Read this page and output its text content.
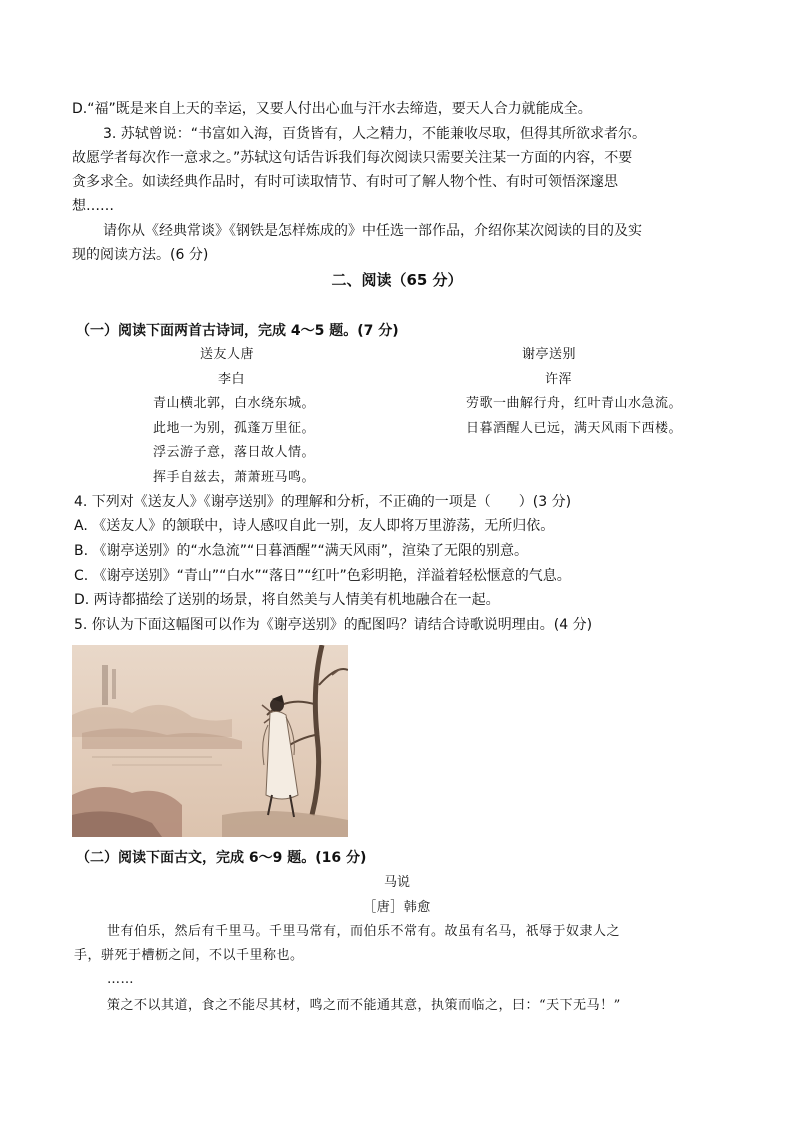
D.“福”既是来自上天的幸运，又要人付出心血与汗水去缔造，要天人合力就能成全。
3. 苏轼曾说：“书富如入海，百货皆有，人之精力，不能兼收尽取，但得其所欲求者尔。
故愿学者每次作一意求之。”苏轼这句话告诉我们每次阅读只需要关注某一方面的内容，不要
贪多求全。如读经典作品时，有时可读取情节、有时可了解人物个性、有时可领悟深邃思
想……
请你从《经典常谈》《钢铁是怎样炼成的》中任选一部作品，介绍你某次阅读的目的及实
现的阅读方法。(6 分)
二、阅读（65 分）
（一）阅读下面两首古诗词，完成 4～5 题。(7 分)
送友人唐
李白
青山横北郭，白水绕东城。
此地一为别，孤蓬万里征。
浮云游子意，落日故人情。
挥手自兹去，萧萧班马鸣。
谢亭送别
许浑
劳歌一曲解行舟，红叶青山水急流。
日暮酒醒人已远，满天风雨下西楼。
4. 下列对《送友人》《谢亭送别》的理解和分析，不正确的一项是（　　）(3 分)
A. 《送友人》的颔联中，诗人感叹自此一别，友人即将万里游荡，无所归依。
B. 《谢亭送别》的“水急流”“日暮酒醒”“满天风雨”，渲染了无限的别意。
C. 《谢亭送别》“青山”“白水”“落日”“红叶”色彩明艳，洋溢着轻松惬意的气息。
D. 两诗都描绘了送别的场景，将自然美与人情美有机地融合在一起。
5. 你认为下面这幅图可以作为《谢亭送别》的配图吗？请结合诗歌说明理由。(4 分)
（二）阅读下面古文，完成 6～9 题。(16 分)
马说
［唐］韩愈
世有伯乐，然后有千里马。千里马常有，而伯乐不常有。故虽有名马，祇辱于奴隶人之
手，骈死于槽枥之间，不以千里称也。
……
策之不以其道，食之不能尽其材，鸣之而不能通其意，执策而临之，曰：“天下无马！”
